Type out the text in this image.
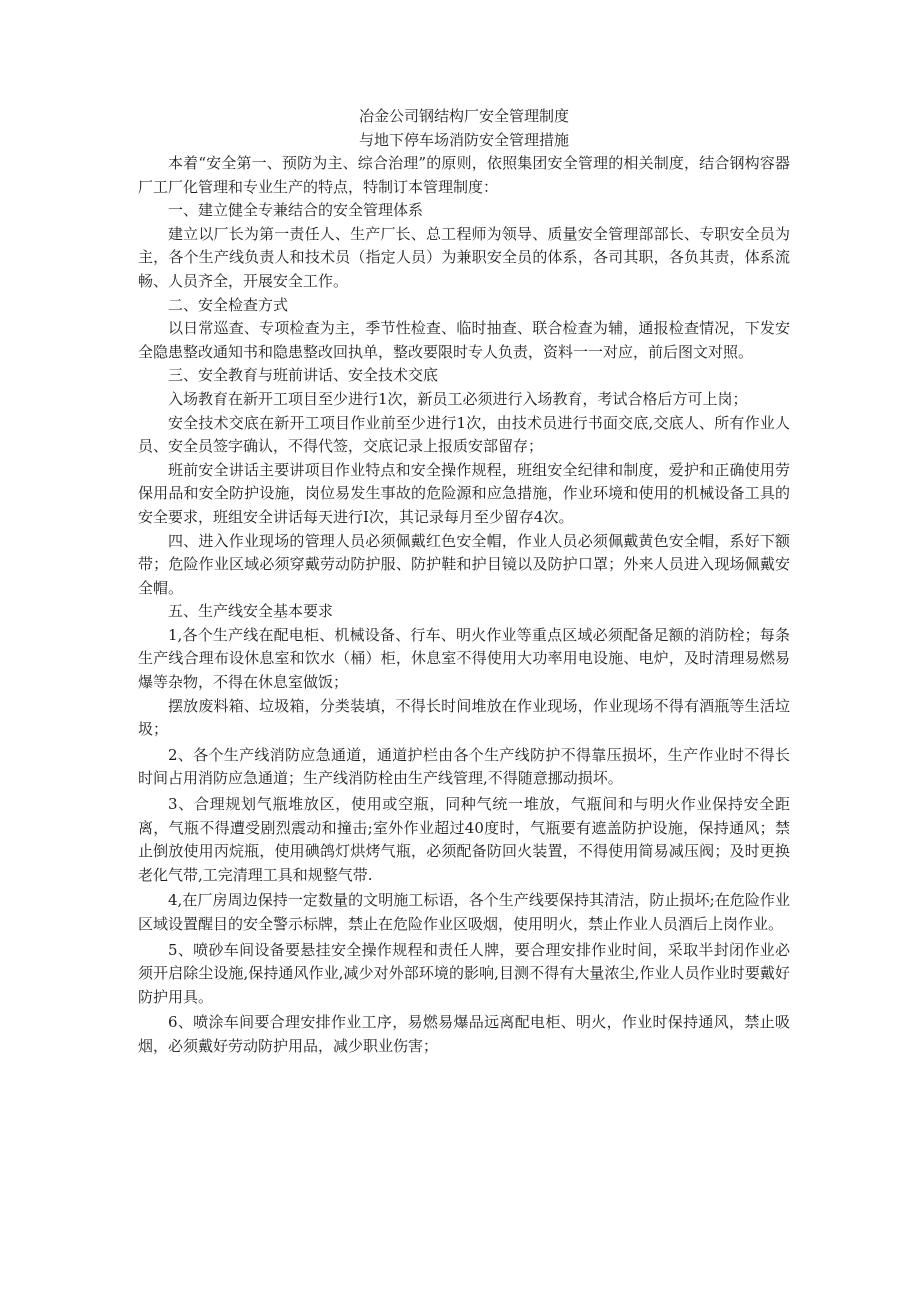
冶金公司钢结构厂安全管理制度

与地下停车场消防安全管理措施

本着“安全第一、预防为主、综合治理”的原则，依照集团安全管理的相关制度，结合钢构容器厂工厂化管理和专业生产的特点，特制订本管理制度：

一、建立健全专兼结合的安全管理体系

建立以厂长为第一责任人、生产厂长、总工程师为领导、质量安全管理部部长、专职安全员为主，各个生产线负责人和技术员（指定人员）为兼职安全员的体系，各司其职，各负其责，体系流畅、人员齐全，开展安全工作。

二、安全检查方式

以日常巡查、专项检查为主，季节性检查、临时抽查、联合检查为辅，通报检查情况，下发安全隐患整改通知书和隐患整改回执单，整改要限时专人负责，资料一一对应，前后图文对照。

三、安全教育与班前讲话、安全技术交底

入场教育在新开工项目至少进行1次，新员工必须进行入场教育，考试合格后方可上岗；

安全技术交底在新开工项目作业前至少进行1次，由技术员进行书面交底,交底人、所有作业人员、安全员签字确认，不得代签，交底记录上报质安部留存；

班前安全讲话主要讲项目作业特点和安全操作规程，班组安全纪律和制度，爱护和正确使用劳保用品和安全防护设施，岗位易发生事故的危险源和应急措施，作业环境和使用的机械设备工具的安全要求，班组安全讲话每天进行I次，其记录每月至少留存4次。

四、进入作业现场的管理人员必须佩戴红色安全帽，作业人员必须佩戴黄色安全帽，系好下额带；危险作业区域必须穿戴劳动防护服、防护鞋和护目镜以及防护口罩；外来人员进入现场佩戴安全帽。

五、生产线安全基本要求

1,各个生产线在配电柜、机械设备、行车、明火作业等重点区域必须配备足额的消防栓；每条生产线合理布设休息室和饮水（桶）柜，休息室不得使用大功率用电设施、电炉，及时清理易燃易爆等杂物，不得在休息室做饭；

摆放废料箱、垃圾箱，分类装填，不得长时间堆放在作业现场，作业现场不得有酒瓶等生活垃圾；

2、各个生产线消防应急通道，通道护栏由各个生产线防护不得靠压损坏，生产作业时不得长时间占用消防应急通道；生产线消防栓由生产线管理,不得随意挪动损坏。

3、合理规划气瓶堆放区，使用或空瓶，同种气统一堆放，气瓶间和与明火作业保持安全距离，气瓶不得遭受剧烈震动和撞击;室外作业超过40度时，气瓶要有遮盖防护设施，保持通风；禁止倒放使用丙烷瓶，使用碘鸽灯烘烤气瓶，必须配备防回火装置，不得使用简易减压阀；及时更换老化气带,工完清理工具和规整气带.

4,在厂房周边保持一定数量的文明施工标语，各个生产线要保持其清洁，防止损坏;在危险作业区域设置醒目的安全警示标牌，禁止在危险作业区吸烟，使用明火，禁止作业人员酒后上岗作业。

5、喷砂车间设备要悬挂安全操作规程和责任人牌，要合理安排作业时间，采取半封闭作业必须开启除尘设施,保持通风作业,减少对外部环境的影响,目测不得有大量浓尘,作业人员作业时要戴好防护用具。

6、喷涂车间要合理安排作业工序，易燃易爆品远离配电柜、明火，作业时保持通风，禁止吸烟，必须戴好劳动防护用品，减少职业伤害；
